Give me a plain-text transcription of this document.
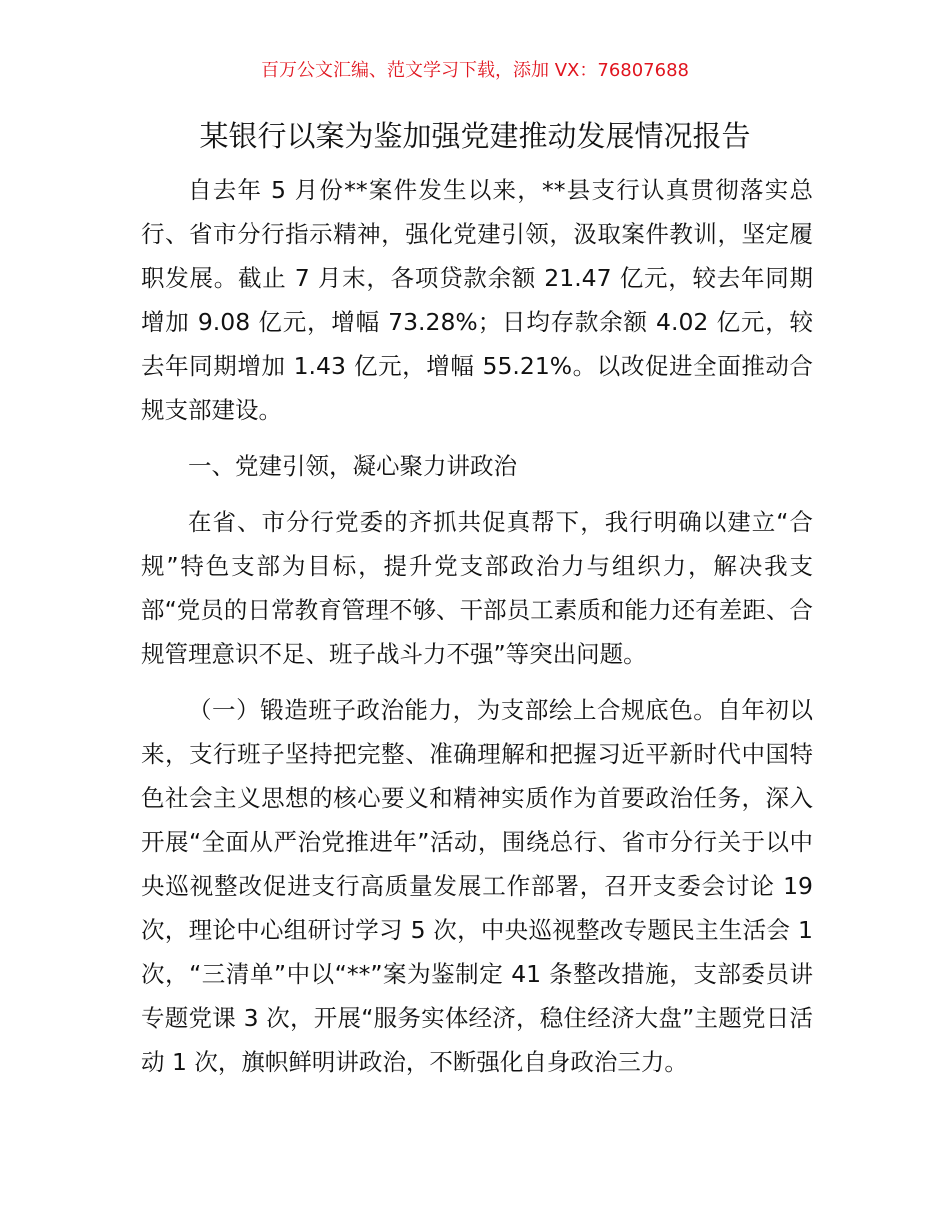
百万公文汇编、范文学习下载，添加 VX：76807688
某银行以案为鉴加强党建推动发展情况报告

自去年 5 月份**案件发生以来，**县支行认真贯彻落实总行、省市分行指示精神，强化党建引领，汲取案件教训，坚定履职发展。截止 7 月末，各项贷款余额 21.47 亿元，较去年同期增加 9.08 亿元，增幅 73.28%；日均存款余额 4.02 亿元，较去年同期增加 1.43 亿元，增幅 55.21%。以改促进全面推动合规支部建设。

一、党建引领，凝心聚力讲政治

在省、市分行党委的齐抓共促真帮下，我行明确以建立“合规”特色支部为目标，提升党支部政治力与组织力，解决我支部“党员的日常教育管理不够、干部员工素质和能力还有差距、合规管理意识不足、班子战斗力不强”等突出问题。

（一）锻造班子政治能力，为支部绘上合规底色。自年初以来，支行班子坚持把完整、准确理解和把握习近平新时代中国特色社会主义思想的核心要义和精神实质作为首要政治任务，深入开展“全面从严治党推进年”活动，围绕总行、省市分行关于以中央巡视整改促进支行高质量发展工作部署，召开支委会讨论 19 次，理论中心组研讨学习 5 次，中央巡视整改专题民主生活会 1 次，“三清单”中以“**”案为鉴制定 41 条整改措施，支部委员讲专题党课 3 次，开展“服务实体经济，稳住经济大盘”主题党日活动 1 次，旗帜鲜明讲政治，不断强化自身政治三力。
